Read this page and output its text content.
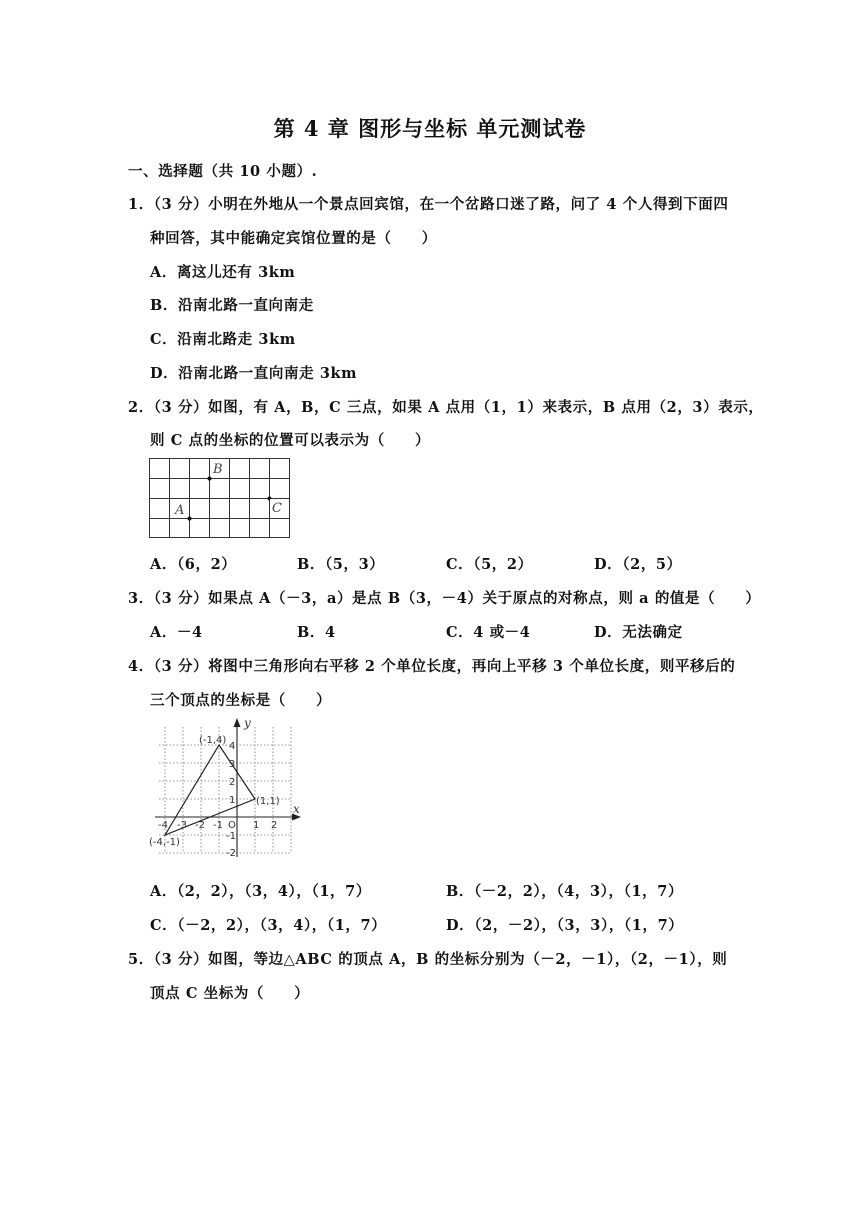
第 4 章 图形与坐标 单元测试卷
一、选择题（共 10 小题）.
1．（3 分）小明在外地从一个景点回宾馆，在一个岔路口迷了路，问了 4 个人得到下面四
种回答，其中能确定宾馆位置的是（　　）
A．离这儿还有 3km
B．沿南北路一直向南走
C．沿南北路走 3km
D．沿南北路一直向南走 3km
2．（3 分）如图，有 A，B，C 三点，如果 A 点用（1，1）来表示，B 点用（2，3）表示，
则 C 点的坐标的位置可以表示为（　　）
A
B
C
A．（6，2）	B．（5，3）	C．（5，2）	D．（2，5）
3．（3 分）如果点 A（－3，a）是点 B（3，－4）关于原点的对称点，则 a 的值是（　　）
A．－4	B．4	C．4 或－4	D．无法确定
4．（3 分）将图中三角形向右平移 2 个单位长度，再向上平移 3 个单位长度，则平移后的
三个顶点的坐标是（　　）
y
x
(-1,4)
(1,1)
(-4,-1)
-4 -3 -2 -1 O 1 2
4
3
2
1
-1
-2
A．（2，2），（3，4），（1，7）	B．（－2，2），（4，3），（1，7）
C．（－2，2），（3，4），（1，7）	D．（2，－2），（3，3），（1，7）
5．（3 分）如图，等边△ABC 的顶点 A，B 的坐标分别为（－2，－1），（2，－1），则
顶点 C 坐标为（　　）
